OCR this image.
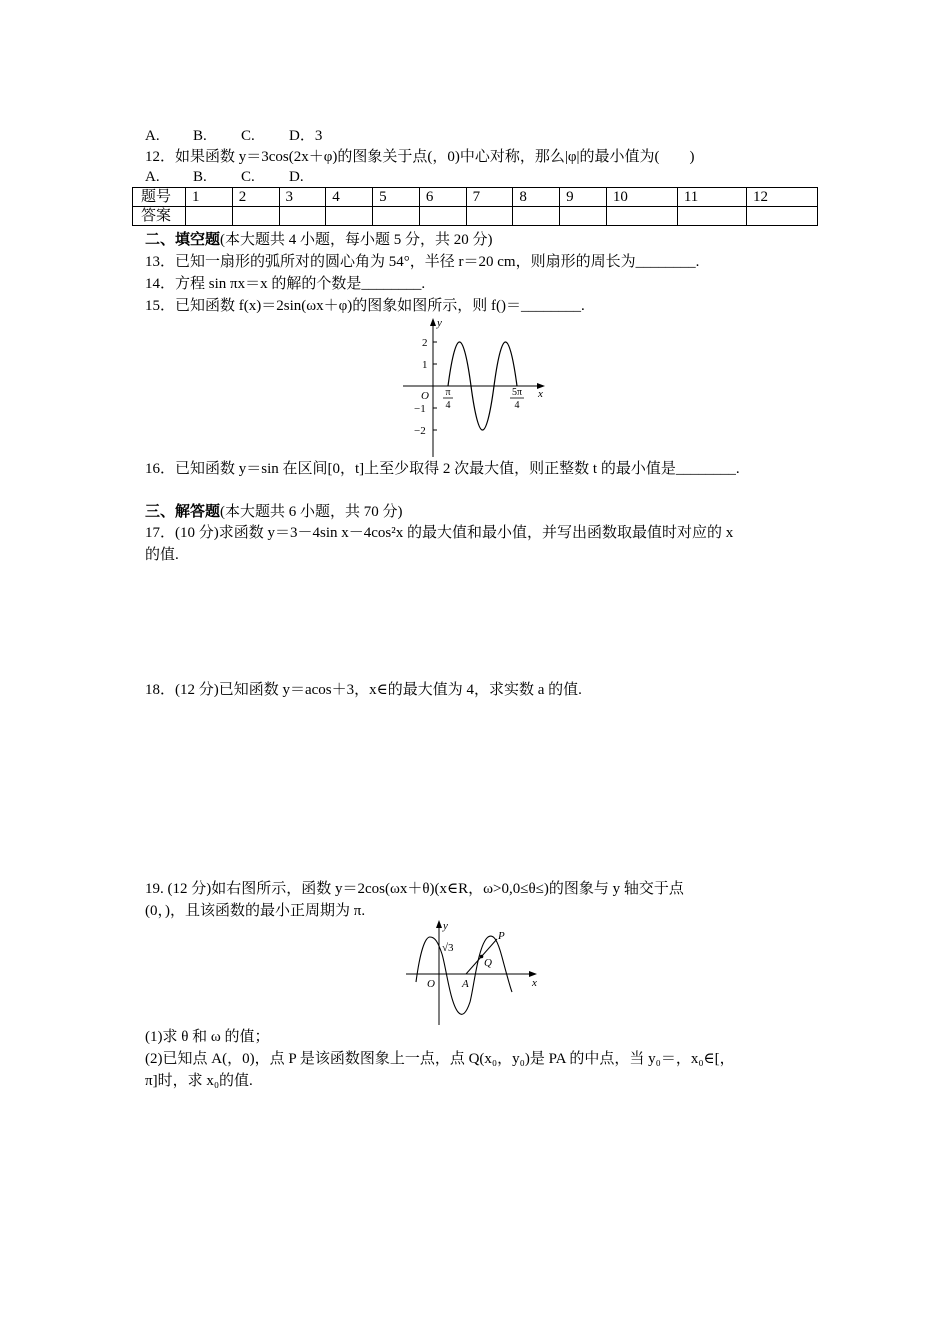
A. B. C. D．3
12．如果函数 y＝3cos(2x＋φ)的图象关于点(，0)中心对称，那么|φ|的最小值为(　　)
A. B. C. D.
题号	1	2	3	4	5	6	7	8	9	10	11	12
答案												
二、填空题(本大题共 4 小题，每小题 5 分，共 20 分)
13．已知一扇形的弧所对的圆心角为 54°，半径 r＝20 cm，则扇形的周长为________.
14．方程 sin πx＝x 的解的个数是________.
15．已知函数 f(x)＝2sin(ωx＋φ)的图象如图所示，则 f()＝________.
y
x
O
2
1
−1
−2
π
4
5π
4
16．已知函数 y＝sin 在区间[0，t]上至少取得 2 次最大值，则正整数 t 的最小值是________.
三、解答题(本大题共 6 小题，共 70 分)
17．(10 分)求函数 y＝3－4sin x－4cos²x 的最大值和最小值，并写出函数取最值时对应的 x
的值.
18．(12 分)已知函数 y＝acos＋3，x∈的最大值为 4，求实数 a 的值.
19. (12 分)如右图所示，函数 y＝2cos(ωx＋θ)(x∈R，ω>0,0≤θ≤)的图象与 y 轴交于点
(0，)，且该函数的最小正周期为 π.
y
x
O
√3
A
P
Q
(1)求 θ 和 ω 的值；
(2)已知点 A(，0)，点 P 是该函数图象上一点，点 Q(x₀，y₀)是 PA 的中点，当 y₀＝，x₀∈[，
π]时，求 x₀的值.
